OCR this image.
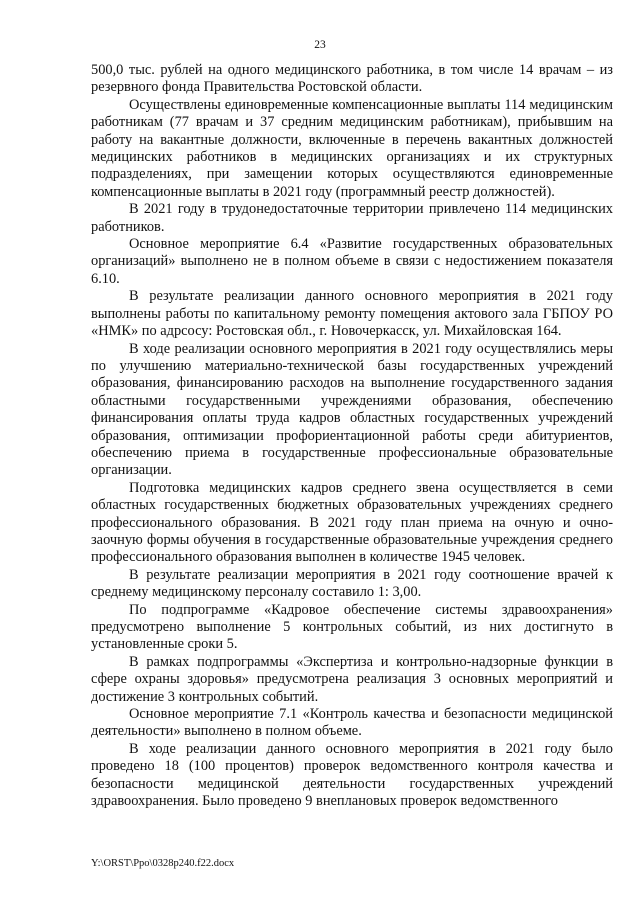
23

500,0 тыс. рублей на одного медицинского работника, в том числе 14 врачам – из резервного фонда Правительства Ростовской области.

Осуществлены единовременные компенсационные выплаты 114 медицинским работникам (77 врачам и 37 средним медицинским работникам), прибывшим на работу на вакантные должности, включенные в перечень вакантных должностей медицинских работников в медицинских организациях и их структурных подразделениях, при замещении которых осуществляются единовременные компенсационные выплаты в 2021 году (программный реестр должностей).

В 2021 году в трудонедостаточные территории привлечено 114 медицинских работников.

Основное мероприятие 6.4 «Развитие государственных образовательных организаций» выполнено не в полном объеме в связи с недостижением показателя 6.10.

В результате реализации данного основного мероприятия в 2021 году выполнены работы по капитальному ремонту помещения актового зала ГБПОУ РО «НМК» по адрсосу: Ростовская обл., г. Новочеркасск, ул. Михайловская 164.

В ходе реализации основного мероприятия в 2021 году осуществлялись меры по улучшению материально-технической базы государственных учреждений образования, финансированию расходов на выполнение государственного задания областными государственными учреждениями образования, обеспечению финансирования оплаты труда кадров областных государственных учреждений образования, оптимизации профориентационной работы среди абитуриентов, обеспечению приема в государственные профессиональные образовательные организации.

Подготовка медицинских кадров среднего звена осуществляется в семи областных государственных бюджетных образовательных учреждениях среднего профессионального образования. В 2021 году план приема на очную и очно-заочную формы обучения в государственные образовательные учреждения среднего профессионального образования выполнен в количестве 1945 человек.

В результате реализации мероприятия в 2021 году соотношение врачей к среднему медицинскому персоналу составило 1: 3,00.

По подпрограмме «Кадровое обеспечение системы здравоохранения» предусмотрено выполнение 5 контрольных событий, из них достигнуто в установленные сроки 5.

В рамках подпрограммы «Экспертиза и контрольно-надзорные функции в сфере охраны здоровья» предусмотрена реализация 3 основных мероприятий и достижение 3 контрольных событий.

Основное мероприятие 7.1 «Контроль качества и безопасности медицинской деятельности» выполнено в полном объеме.

В ходе реализации данного основного мероприятия в 2021 году было проведено 18 (100 процентов) проверок ведомственного контроля качества и безопасности медицинской деятельности государственных учреждений здравоохранения. Было проведено 9 внеплановых проверок ведомственного

Y:\ORST\Ppo\0328p240.f22.docx
